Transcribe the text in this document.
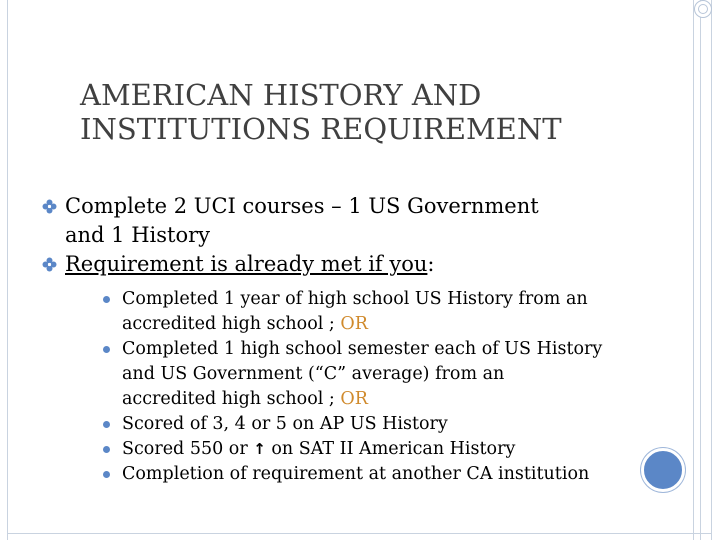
AMERICAN HISTORY AND
INSTITUTIONS REQUIREMENT
Complete 2 UCI courses – 1 US Government
and 1 History
Requirement is already met if you:
Completed 1 year of high school US History from an
accredited high school ; OR
Completed 1 high school semester each of US History
and US Government (“C” average) from an
accredited high school ; OR
Scored of 3, 4 or 5 on AP US History
Scored 550 or ↑ on SAT II American History
Completion of requirement at another CA institution
